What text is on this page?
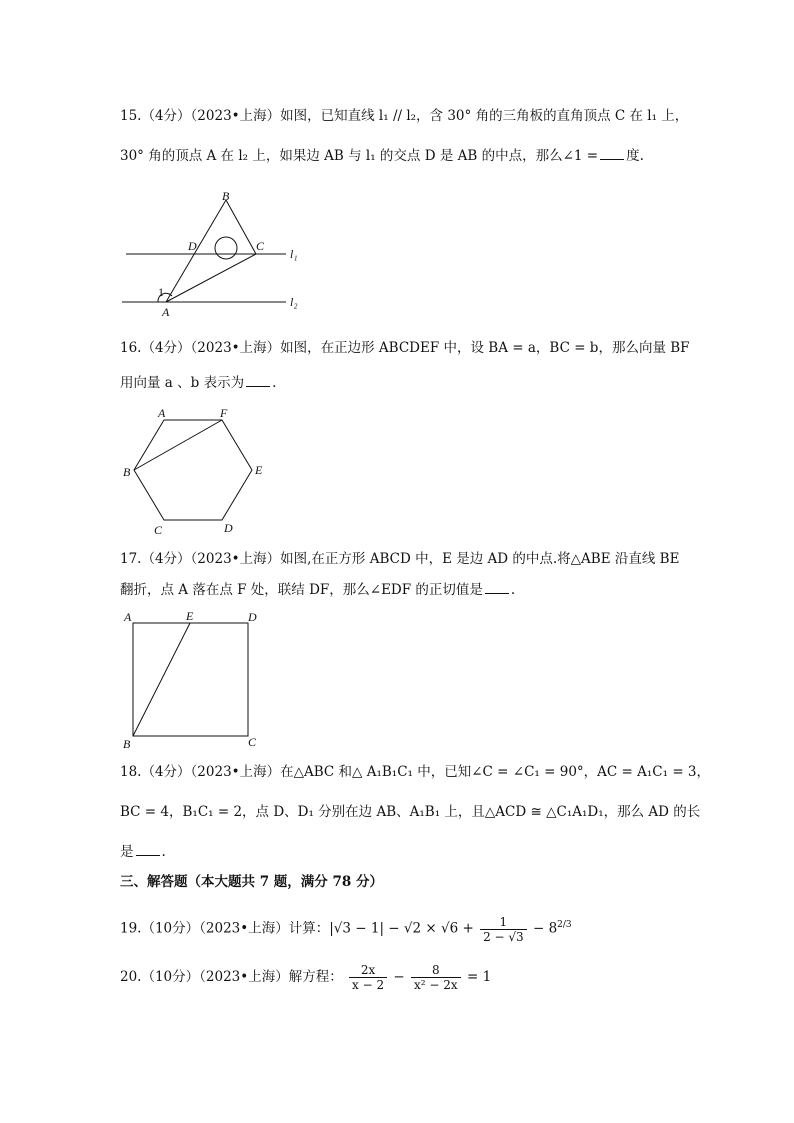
15.（4分）（2023•上海）如图，已知直线 l₁ // l₂，含 30° 角的三角板的直角顶点 C 在 l₁ 上，
30° 角的顶点 A 在 l₂ 上，如果边 AB 与 l₁ 的交点 D 是 AB 的中点，那么∠1 = 度.
B
D	C
1
A
l₁
l₂
16.（4分）（2023•上海）如图，在正边形 ABCDEF 中，设 BA = a，BC = b，那么向量 BF
用向量 a 、b 表示为 .
A	F
B	E
C	D
17.（4分）（2023•上海）如图,在正方形 ABCD 中，E 是边 AD 的中点.将△ABE 沿直线 BE
翻折，点 A 落在点 F 处，联结 DF，那么∠EDF 的正切值是 .
A	E	D
B	C
18.（4分）（2023•上海）在△ABC 和△ A₁B₁C₁ 中，已知∠C = ∠C₁ = 90°，AC = A₁C₁ = 3，
BC = 4，B₁C₁ = 2，点 D、D₁ 分别在边 AB、A₁B₁ 上，且△ACD ≅ △C₁A₁D₁，那么 AD 的长
是 .
三、解答题（本大题共 7 题，满分 78 分）
19.（10分）（2023•上海）计算：$|√3 - 1| - √2 \times √6 + \frac{1}{2 - √3} - 8^{2/3}$
20.（10分）（2023•上海）解方程： $\frac{2x}{x - 2} - \frac{8}{\text{x² − 2x}} = 1$
